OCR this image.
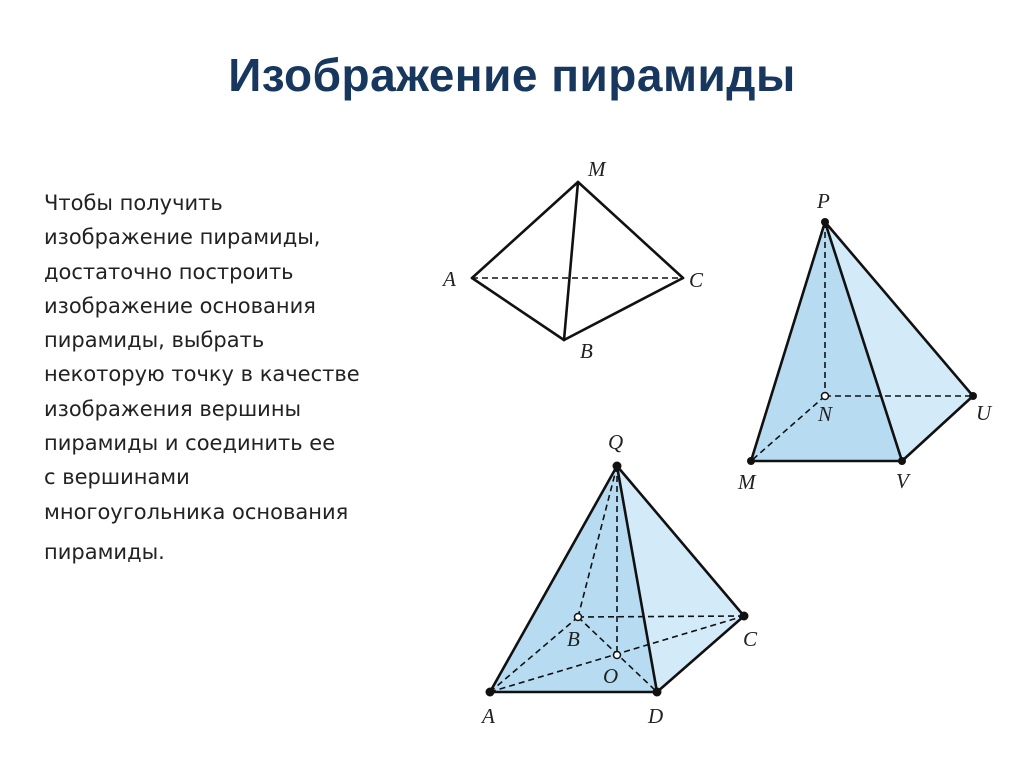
Изображение пирамиды
Чтобы получить
изображение пирамиды,
достаточно построить
изображение основания
пирамиды, выбрать
некоторую точку в качестве
изображения вершины
пирамиды и соединить ее
с вершинами
многоугольника основания
пирамиды.
M
A	C
B
P
N	U
M	V
Q
B	C
O
A	D
